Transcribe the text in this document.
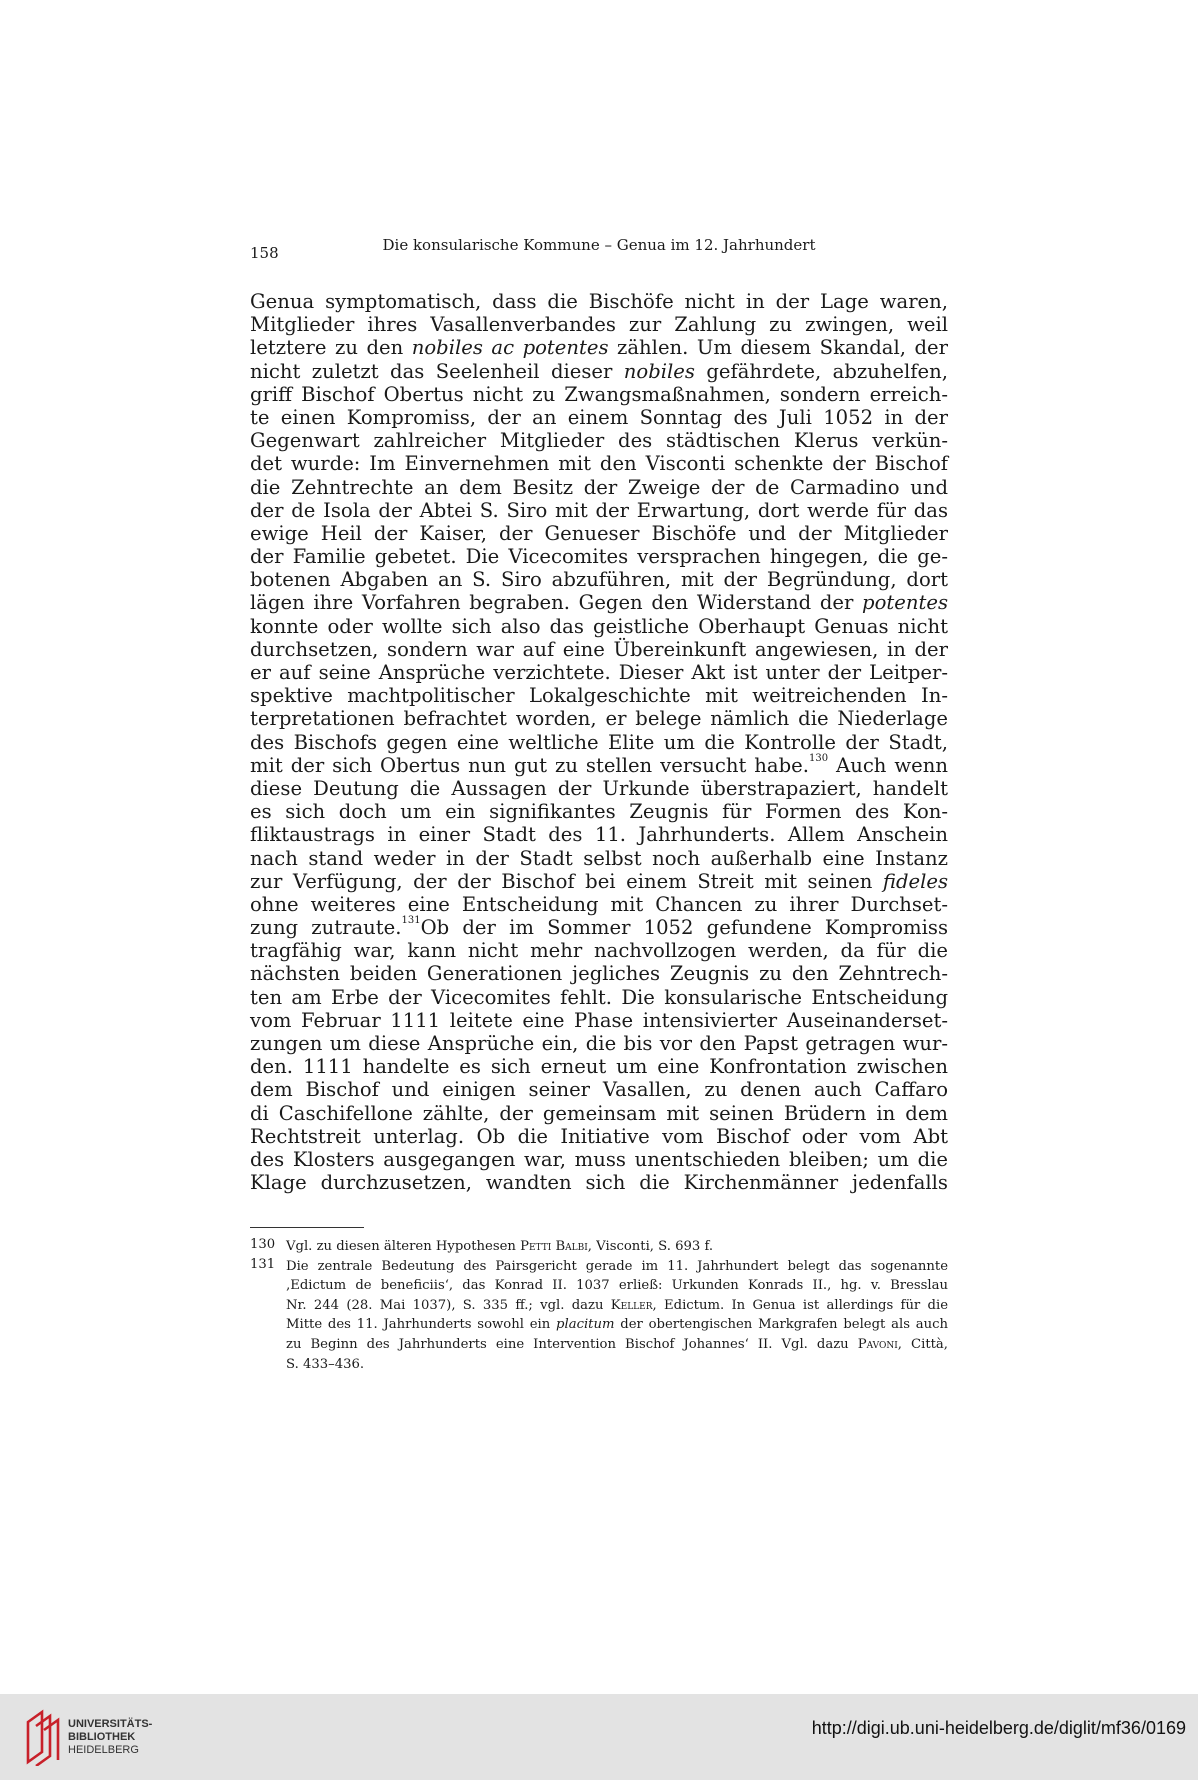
158	Die konsularische Kommune – Genua im 12. Jahrhundert
Genua symptomatisch, dass die Bischöfe nicht in der Lage waren,
Mitglieder ihres Vasallenverbandes zur Zahlung zu zwingen, weil
letztere zu den nobiles ac potentes zählen. Um diesem Skandal, der
nicht zuletzt das Seelenheil dieser nobiles gefährdete, abzuhelfen,
griff Bischof Obertus nicht zu Zwangsmaßnahmen, sondern erreich-
te einen Kompromiss, der an einem Sonntag des Juli 1052 in der
Gegenwart zahlreicher Mitglieder des städtischen Klerus verkün-
det wurde: Im Einvernehmen mit den Visconti schenkte der Bischof
die Zehntrechte an dem Besitz der Zweige der de Carmadino und
der de Isola der Abtei S. Siro mit der Erwartung, dort werde für das
ewige Heil der Kaiser, der Genueser Bischöfe und der Mitglieder
der Familie gebetet. Die Vicecomites versprachen hingegen, die ge-
botenen Abgaben an S. Siro abzuführen, mit der Begründung, dort
lägen ihre Vorfahren begraben. Gegen den Widerstand der potentes
konnte oder wollte sich also das geistliche Oberhaupt Genuas nicht
durchsetzen, sondern war auf eine Übereinkunft angewiesen, in der
er auf seine Ansprüche verzichtete. Dieser Akt ist unter der Leitper-
spektive machtpolitischer Lokalgeschichte mit weitreichenden In-
terpretationen befrachtet worden, er belege nämlich die Niederlage
des Bischofs gegen eine weltliche Elite um die Kontrolle der Stadt,
mit der sich Obertus nun gut zu stellen versucht habe.$^{130}$ Auch wenn
diese Deutung die Aussagen der Urkunde überstrapaziert, handelt
es sich doch um ein signifikantes Zeugnis für Formen des Kon-
fliktaustrags in einer Stadt des 11. Jahrhunderts. Allem Anschein
nach stand weder in der Stadt selbst noch außerhalb eine Instanz
zur Verfügung, der der Bischof bei einem Streit mit seinen fideles
ohne weiteres eine Entscheidung mit Chancen zu ihrer Durchset-
zung zutraute.$^{131}$Ob der im Sommer 1052 gefundene Kompromiss
tragfähig war, kann nicht mehr nachvollzogen werden, da für die
nächsten beiden Generationen jegliches Zeugnis zu den Zehntrech-
ten am Erbe der Vicecomites fehlt. Die konsularische Entscheidung
vom Februar 1111 leitete eine Phase intensivierter Auseinanderset-
zungen um diese Ansprüche ein, die bis vor den Papst getragen wur-
den. 1111 handelte es sich erneut um eine Konfrontation zwischen
dem Bischof und einigen seiner Vasallen, zu denen auch Caffaro
di Caschifellone zählte, der gemeinsam mit seinen Brüdern in dem
Rechtstreit unterlag. Ob die Initiative vom Bischof oder vom Abt
des Klosters ausgegangen war, muss unentschieden bleiben; um die
Klage durchzusetzen, wandten sich die Kirchenmänner jedenfalls
130 Vgl. zu diesen älteren Hypothesen Petti Balbi, Visconti, S. 693 f.
131 Die zentrale Bedeutung des Pairsgericht gerade im 11. Jahrhundert belegt das sogenannte
‚Edictum de beneficiis‘, das Konrad II. 1037 erließ: Urkunden Konrads II., hg. v. Bresslau
Nr. 244 (28. Mai 1037), S. 335 ff.; vgl. dazu Keller, Edictum. In Genua ist allerdings für die
Mitte des 11. Jahrhunderts sowohl ein placitum der obertengischen Markgrafen belegt als auch
zu Beginn des Jahrhunderts eine Intervention Bischof Johannes‘ II. Vgl. dazu Pavoni, Città,
S. 433–436.
UNIVERSITÄTS-
BIBLIOTHEK
HEIDELBERG
http://digi.ub.uni-heidelberg.de/diglit/mf36/0169
